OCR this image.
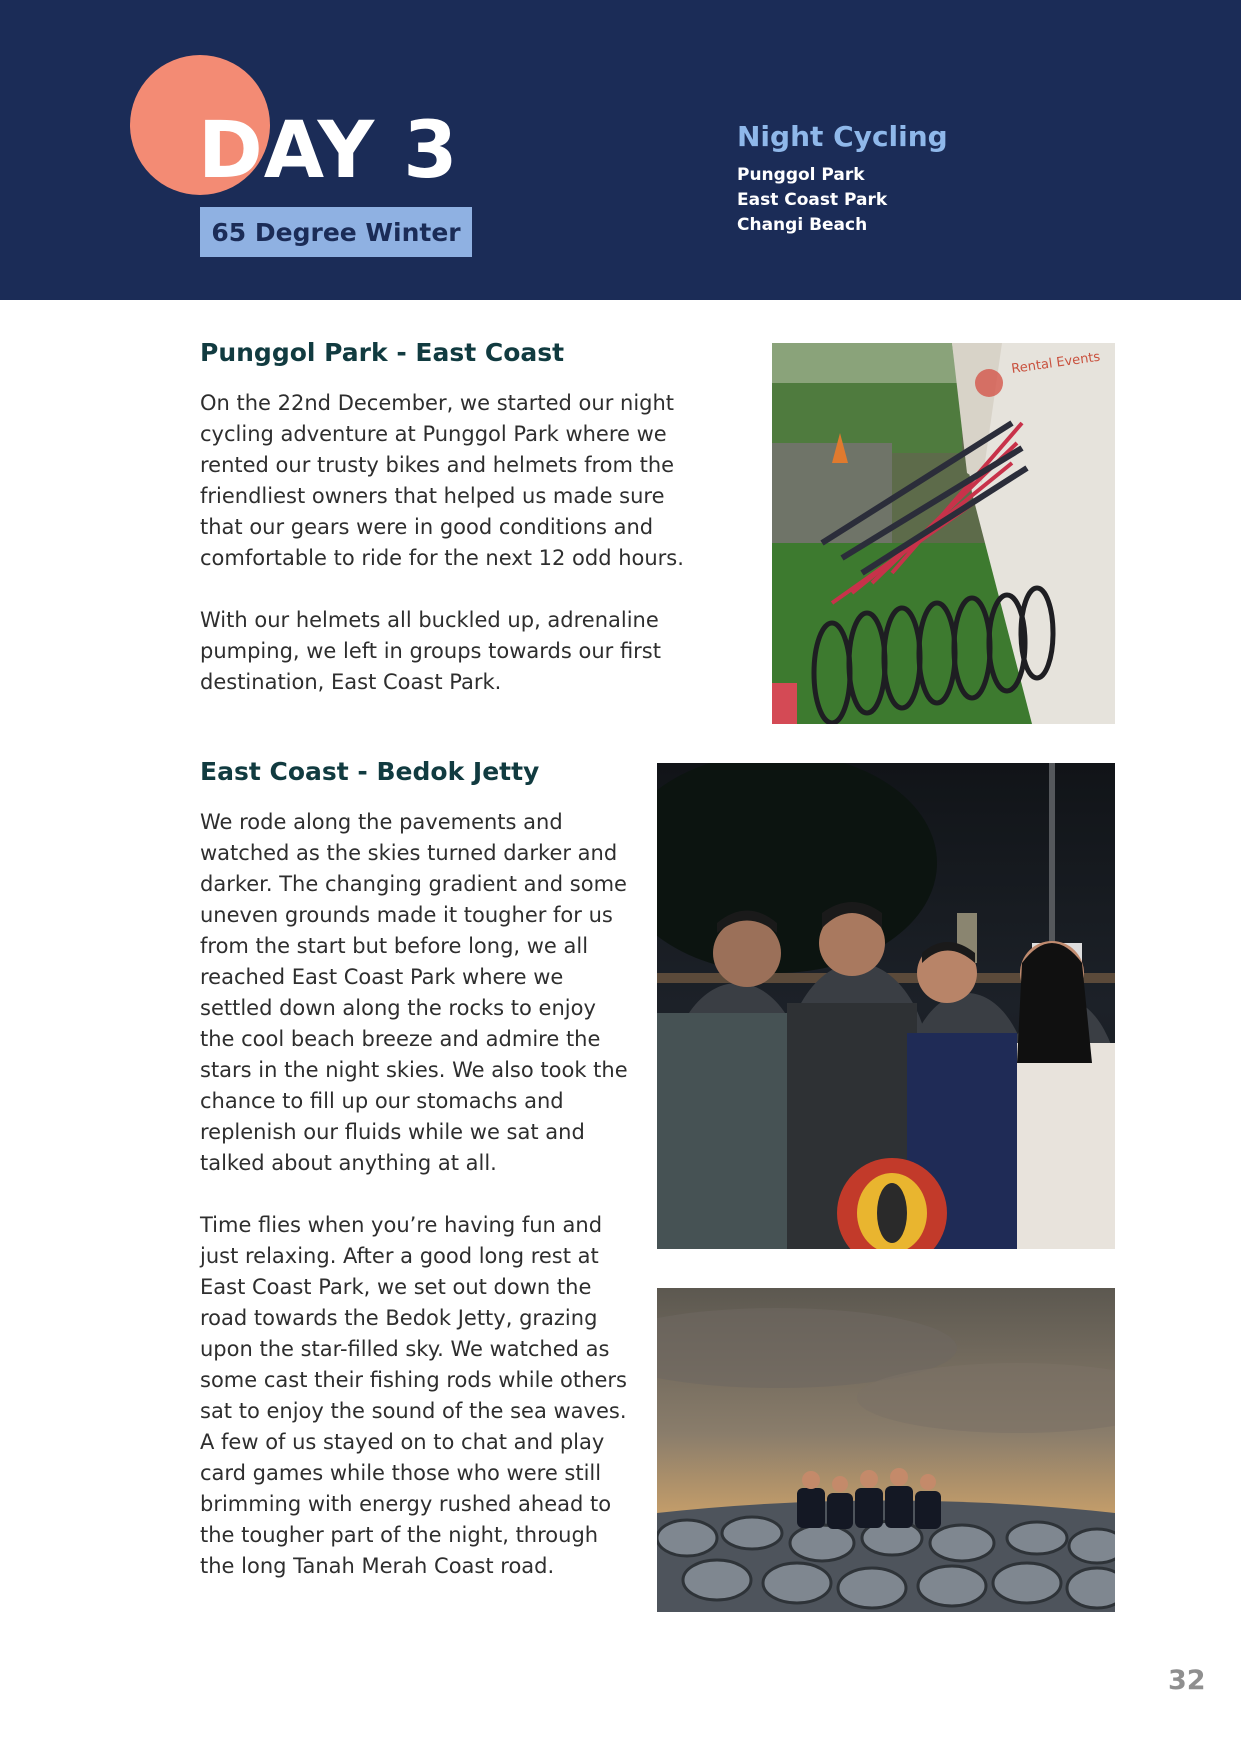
DAY 3
65 Degree Winter
Night Cycling
Punggol Park
East Coast Park
Changi Beach
Punggol Park - East Coast

On the 22nd December, we started our night cycling adventure at Punggol Park where we rented our trusty bikes and helmets from the friendliest owners that helped us made sure that our gears were in good conditions and comfortable to ride for the next 12 odd hours.

With our helmets all buckled up, adrenaline pumping, we left in groups towards our first destination, East Coast Park.

Rental Events
East Coast - Bedok Jetty

We rode along the pavements and watched as the skies turned darker and darker. The changing gradient and some uneven grounds made it tougher for us from the start but before long, we all reached East Coast Park where we settled down along the rocks to enjoy the cool beach breeze and admire the stars in the night skies. We also took the chance to fill up our stomachs and replenish our fluids while we sat and talked about anything at all.

Time flies when you’re having fun and just relaxing. After a good long rest at East Coast Park, we set out down the road towards the Bedok Jetty, grazing upon the star-filled sky. We watched as some cast their fishing rods while others sat to enjoy the sound of the sea waves. A few of us stayed on to chat and play card games while those who were still brimming with energy rushed ahead to the tougher part of the night, through the long Tanah Merah Coast road.

32
